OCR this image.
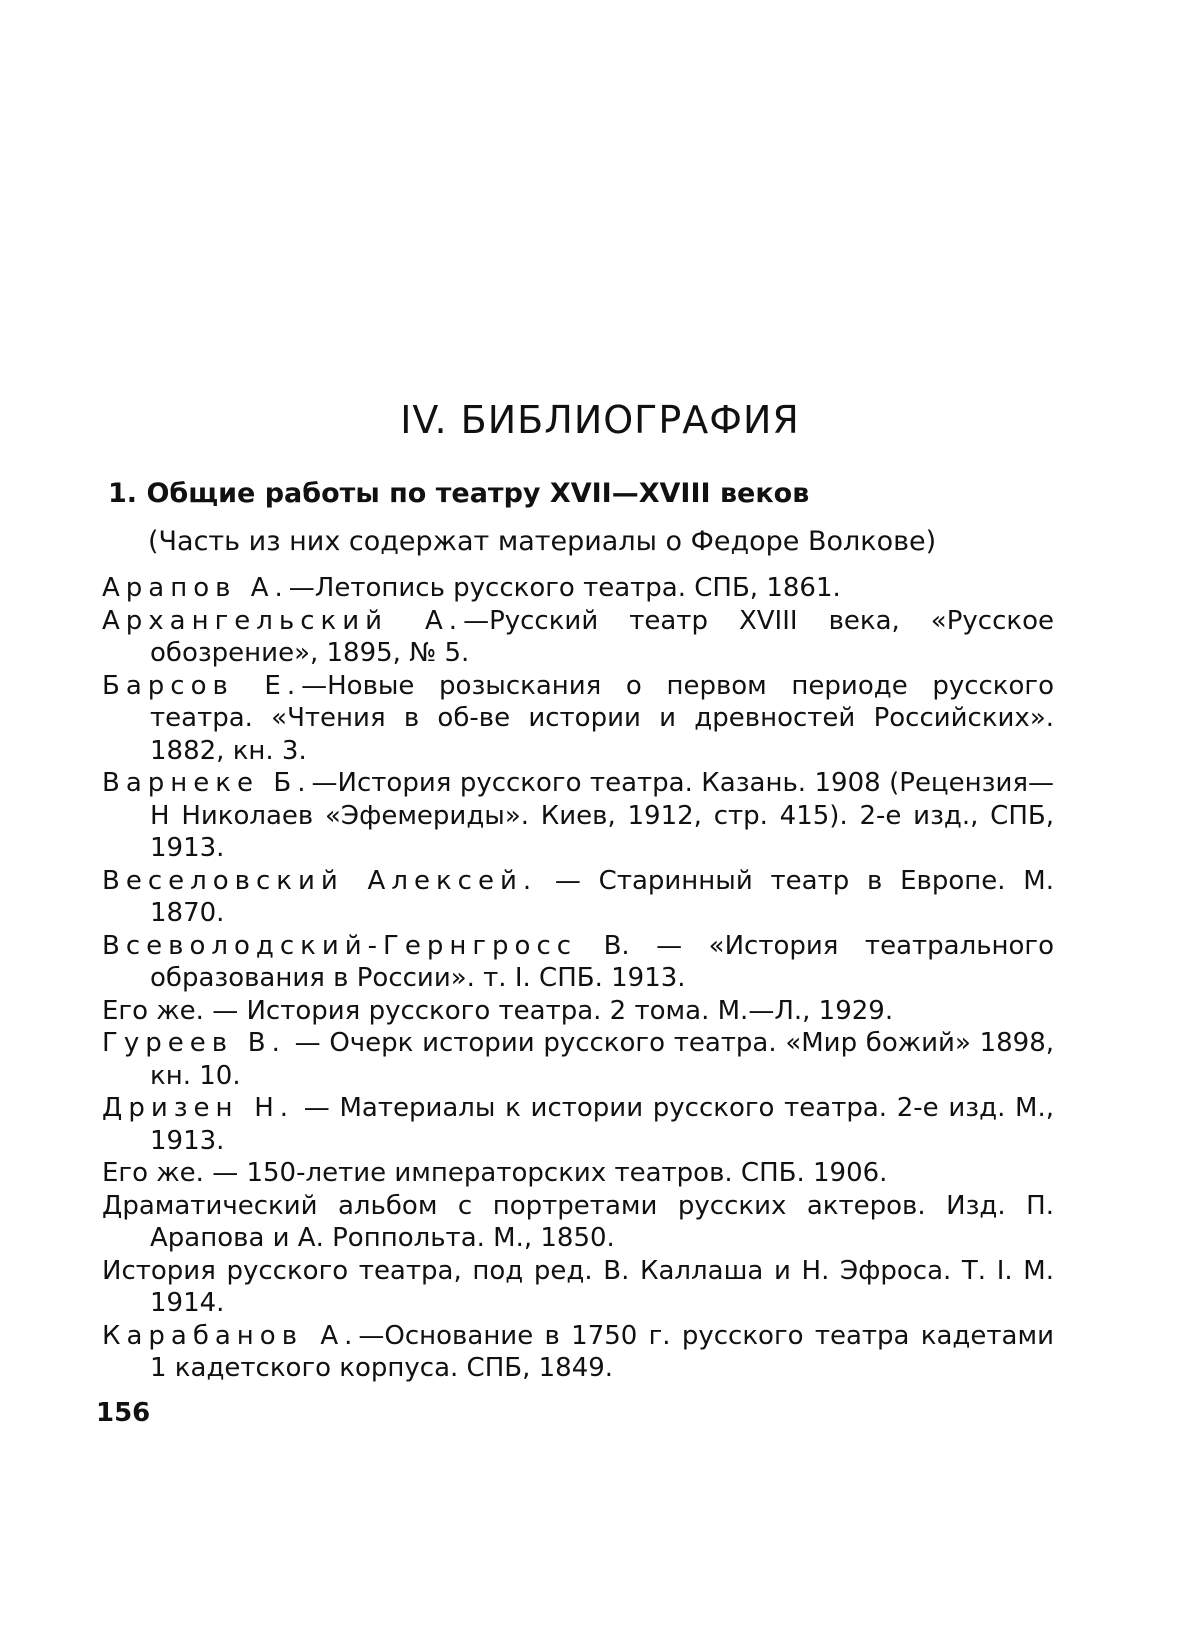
IV. БИБЛИОГРАФИЯ
1. Общие работы по театру XVII—XVIII веков

(Часть из них содержат материалы о Федоре Волкове)

Арапов А.—Летопись русского театра. СПБ, 1861.
Архангельский А.—Русский театр XVIII века, «Русское обозрение», 1895, № 5.
Барсов Е.—Новые розыскания о первом периоде русского театра. «Чтения в об-ве истории и древностей Российских». 1882, кн. 3.
Варнеке Б.—История русского театра. Казань. 1908 (Рецензия—Н Николаев «Эфемериды». Киев, 1912, стр. 415). 2-е изд., СПБ, 1913.
Веселовский Алексей. — Старинный театр в Европе. М. 1870.
Всеволодский-Гернгросс В. — «История театрального образования в России». т. I. СПБ. 1913.
Его же. — История русского театра. 2 тома. М.—Л., 1929.
Гуреев В. — Очерк истории русского театра. «Мир божий» 1898, кн. 10.
Дризен Н. — Материалы к истории русского театра. 2-е изд. М., 1913.
Его же. — 150-летие императорских театров. СПБ. 1906.
Драматический альбом с портретами русских актеров. Изд. П. Арапова и А. Роппольта. М., 1850.
История русского театра, под ред. В. Каллаша и Н. Эфроса. Т. I. М. 1914.
Карабанов А.—Основание в 1750 г. русского театра кадетами 1 кадетского корпуса. СПБ, 1849.
156
